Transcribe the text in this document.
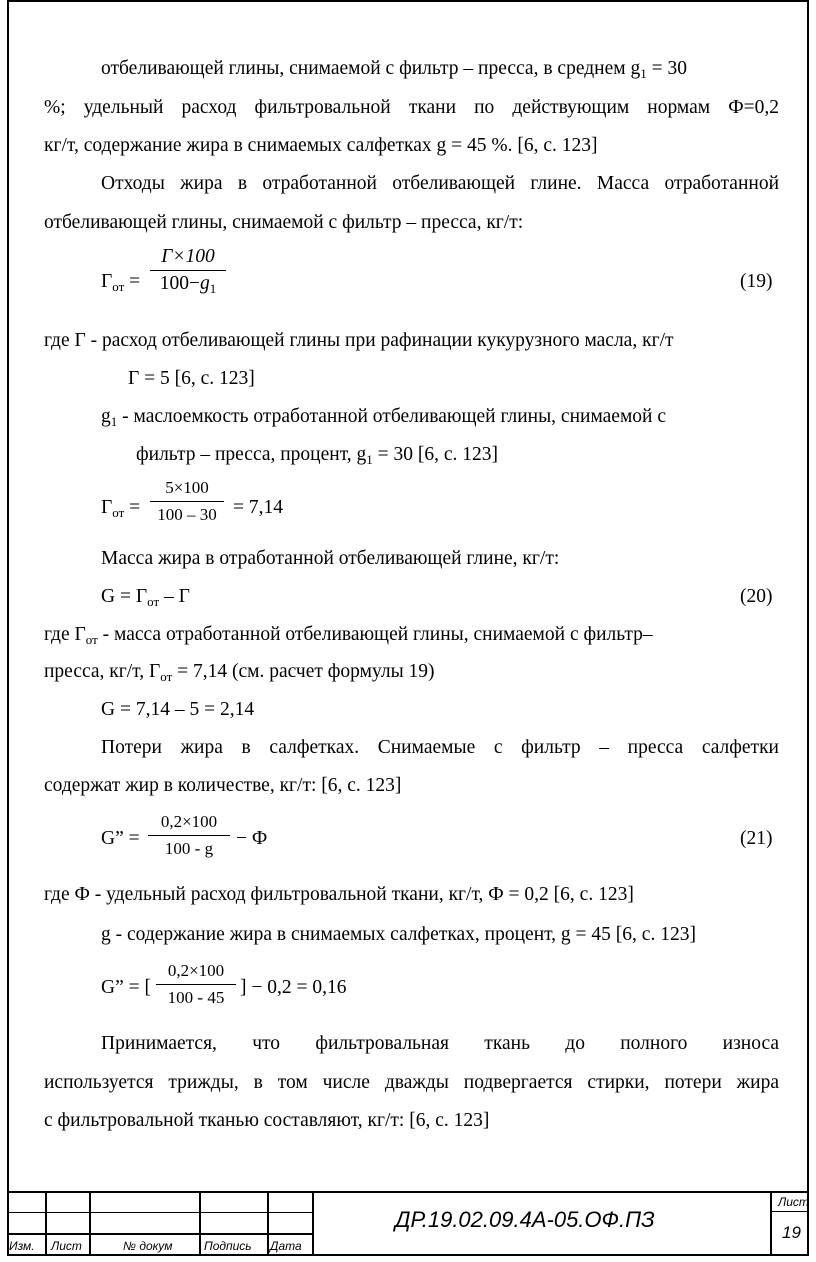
отбеливающей глины, снимаемой с фильтр – пресса, в среднем $g_1 = 30$
%; удельный расход фильтровальной ткани по действующим нормам Ф=0,2
кг/т, содержание жира в снимаемых салфетках g = 45 %. [6, с. 123]
Отходы жира в отработанной отбеливающей глине. Масса отработанной
отбеливающей глины, снимаемой с фильтр – пресса, кг/т:
$Г_{от}$ =
Г×100
$100-g_1$	(19)
где Г - расход отбеливающей глины при рафинации кукурузного масла, кг/т
Г = 5 [6, с. 123]
$g_1$ - маслоемкость отработанной отбеливающей глины, снимаемой с
фильтр – пресса, процент, $g_1 = 30$ [6, с. 123]
$Г_{от}$ =
5×100
100 – 30 = 7,14
Масса жира в отработанной отбеливающей глине, кг/т:
$G = Г_{от} - Г$	(20)
где $Г_{от}$ - масса отработанной отбеливающей глины, снимаемой с фильтр–
пресса, кг/т, $Г_{от} = 7,14$ (см. расчет формулы 19)
G = 7,14 – 5 = 2,14
Потери жира в салфетках. Снимаемые с фильтр – пресса салфетки
содержат жир в количестве, кг/т: [6, с. 123]
G” =
0,2×100
100 - g	− Ф	(21)
где Ф - удельный расход фильтровальной ткани, кг/т, Ф = 0,2 [6, с. 123]
g - содержание жира в снимаемых салфетках, процент, g = 45 [6, с. 123]
G” = [
0,2×100
100 - 45 ] − 0,2 = 0,16
Принимается, что фильтровальная ткань до полного износа
используется трижды, в том числе дважды подвергается стирки, потери жира
с фильтровальной тканью составляют, кг/т: [6, с. 123]
Изм. Лист	№ докум	Подпись Дата
ДР.19.02.09.4А-05.ОФ.ПЗ
Лист
19
